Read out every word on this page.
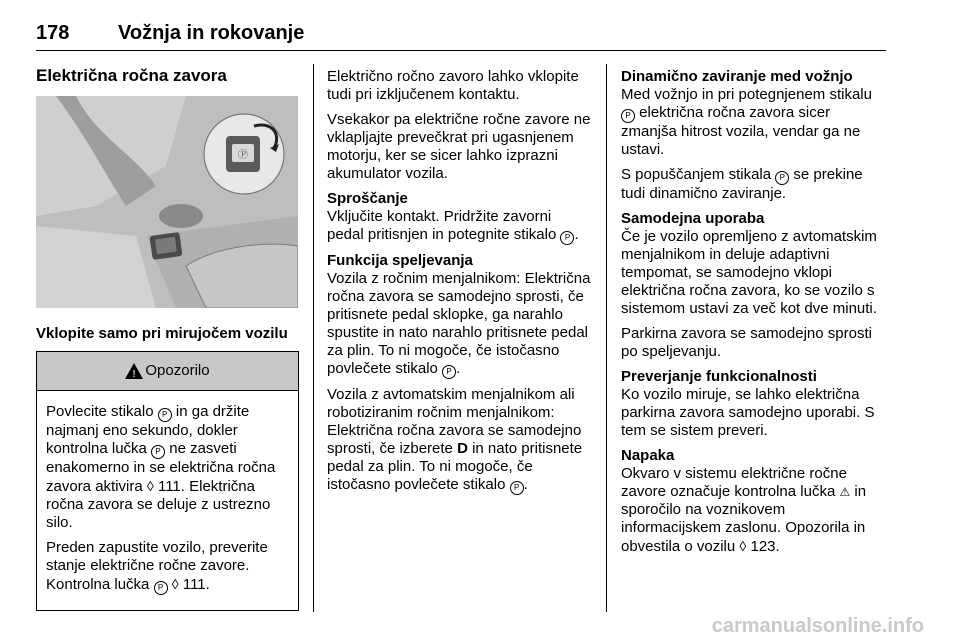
178 Vožnja in rokovanje
Električna ročna zavora
Ⓟ
Vklopite samo pri mirujočem vozilu
! Opozorilo

Povlecite stikalo P in ga držite najmanj eno sekundo, dokler kontrolna lučka P ne zasveti enakomerno in se električna ročna zavora aktivira ◊ 111. Električna ročna zavora se deluje z ustrezno silo.

Preden zapustite vozilo, preverite stanje električne ročne zavore. Kontrolna lučka P ◊ 111.

Električno ročno zavoro lahko vklopite tudi pri izključenem kontaktu.

Vsekakor pa električne ročne zavore ne vklapljajte prevečkrat pri ugasnjenem motorju, ker se sicer lahko izprazni akumulator vozila.

Sproščanje

Vključite kontakt. Pridržite zavorni pedal pritisnjen in potegnite stikalo P .

Funkcija speljevanja

Vozila z ročnim menjalnikom: Električna ročna zavora se samodejno sprosti, če pritisnete pedal sklopke, ga narahlo spustite in nato narahlo pritisnete pedal za plin. To ni mogoče, če istočasno povlečete stikalo P .

Vozila z avtomatskim menjalnikom ali robotiziranim ročnim menjalnikom: Električna ročna zavora se samodejno sprosti, če izberete D in nato pritisnete pedal za plin. To ni mogoče, če istočasno povlečete stikalo P .

Dinamično zaviranje med vožnjo

Med vožnjo in pri potegnjenem stikalu P električna ročna zavora sicer zmanjša hitrost vozila, vendar ga ne ustavi.

S popuščanjem stikala P se prekine tudi dinamično zaviranje.

Samodejna uporaba

Če je vozilo opremljeno z avtomatskim menjalnikom in deluje adaptivni tempomat, se samodejno vklopi električna ročna zavora, ko se vozilo s sistemom ustavi za več kot dve minuti.

Parkirna zavora se samodejno sprosti po speljevanju.

Preverjanje funkcionalnosti

Ko vozilo miruje, se lahko električna parkirna zavora samodejno uporabi. S tem se sistem preveri.

Napaka

Okvaro v sistemu električne ročne zavore označuje kontrolna lučka ⚠ in sporočilo na voznikovem informacijskem zaslonu. Opozorila in obvestila o vozilu ◊ 123.

carmanualsonline.info
